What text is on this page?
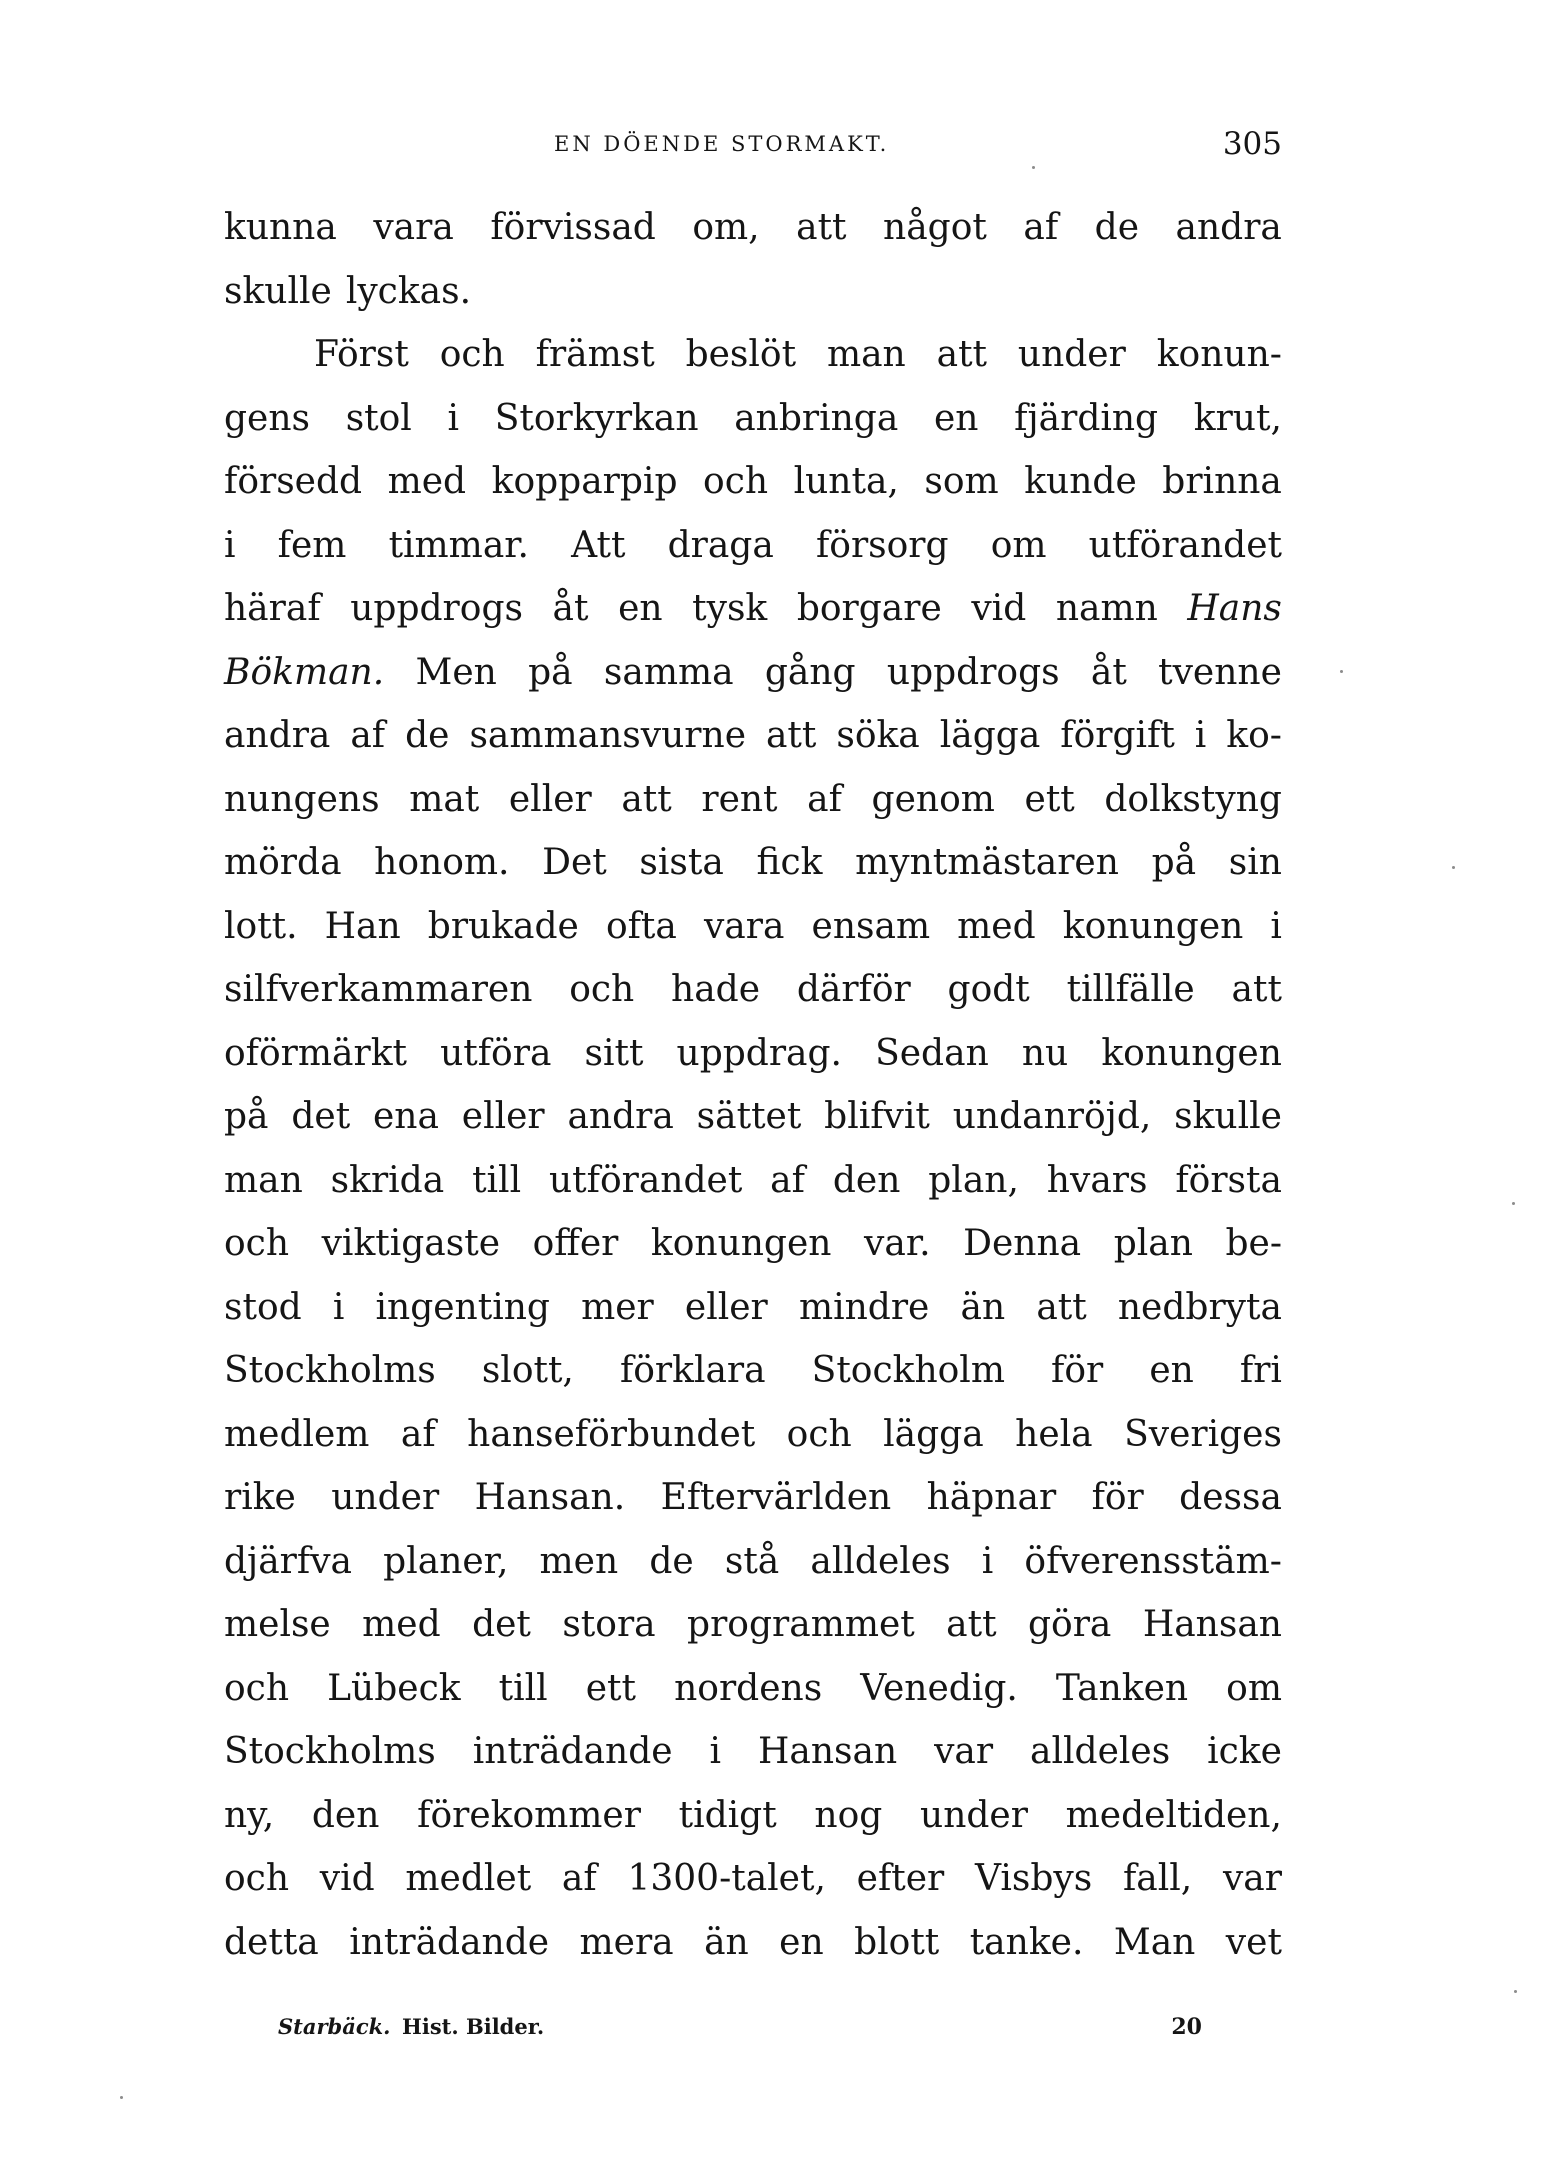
EN DÖENDE STORMAKT.	305
kunna vara förvissad om, att något af de andra
skulle lyckas.
Först och främst beslöt man att under konun-
gens stol i Storkyrkan anbringa en fjärding krut,
försedd med kopparpip och lunta, som kunde brinna
i fem timmar. Att draga försorg om utförandet
häraf uppdrogs åt en tysk borgare vid namn Hans
Bökman. Men på samma gång uppdrogs åt tvenne
andra af de sammansvurne att söka lägga förgift i ko-
nungens mat eller att rent af genom ett dolkstyng
mörda honom. Det sista fick myntmästaren på sin
lott. Han brukade ofta vara ensam med konungen i
silfverkammaren och hade därför godt tillfälle att
oförmärkt utföra sitt uppdrag. Sedan nu konungen
på det ena eller andra sättet blifvit undanröjd, skulle
man skrida till utförandet af den plan, hvars första
och viktigaste offer konungen var. Denna plan be-
stod i ingenting mer eller mindre än att nedbryta
Stockholms slott, förklara Stockholm för en fri
medlem af hanseförbundet och lägga hela Sveriges
rike under Hansan. Eftervärlden häpnar för dessa
djärfva planer, men de stå alldeles i öfverensstäm-
melse med det stora programmet att göra Hansan
och Lübeck till ett nordens Venedig. Tanken om
Stockholms inträdande i Hansan var alldeles icke
ny, den förekommer tidigt nog under medeltiden,
och vid medlet af 1300-talet, efter Visbys fall, var
detta inträdande mera än en blott tanke. Man vet
Starbäck. Hist. Bilder.	20
